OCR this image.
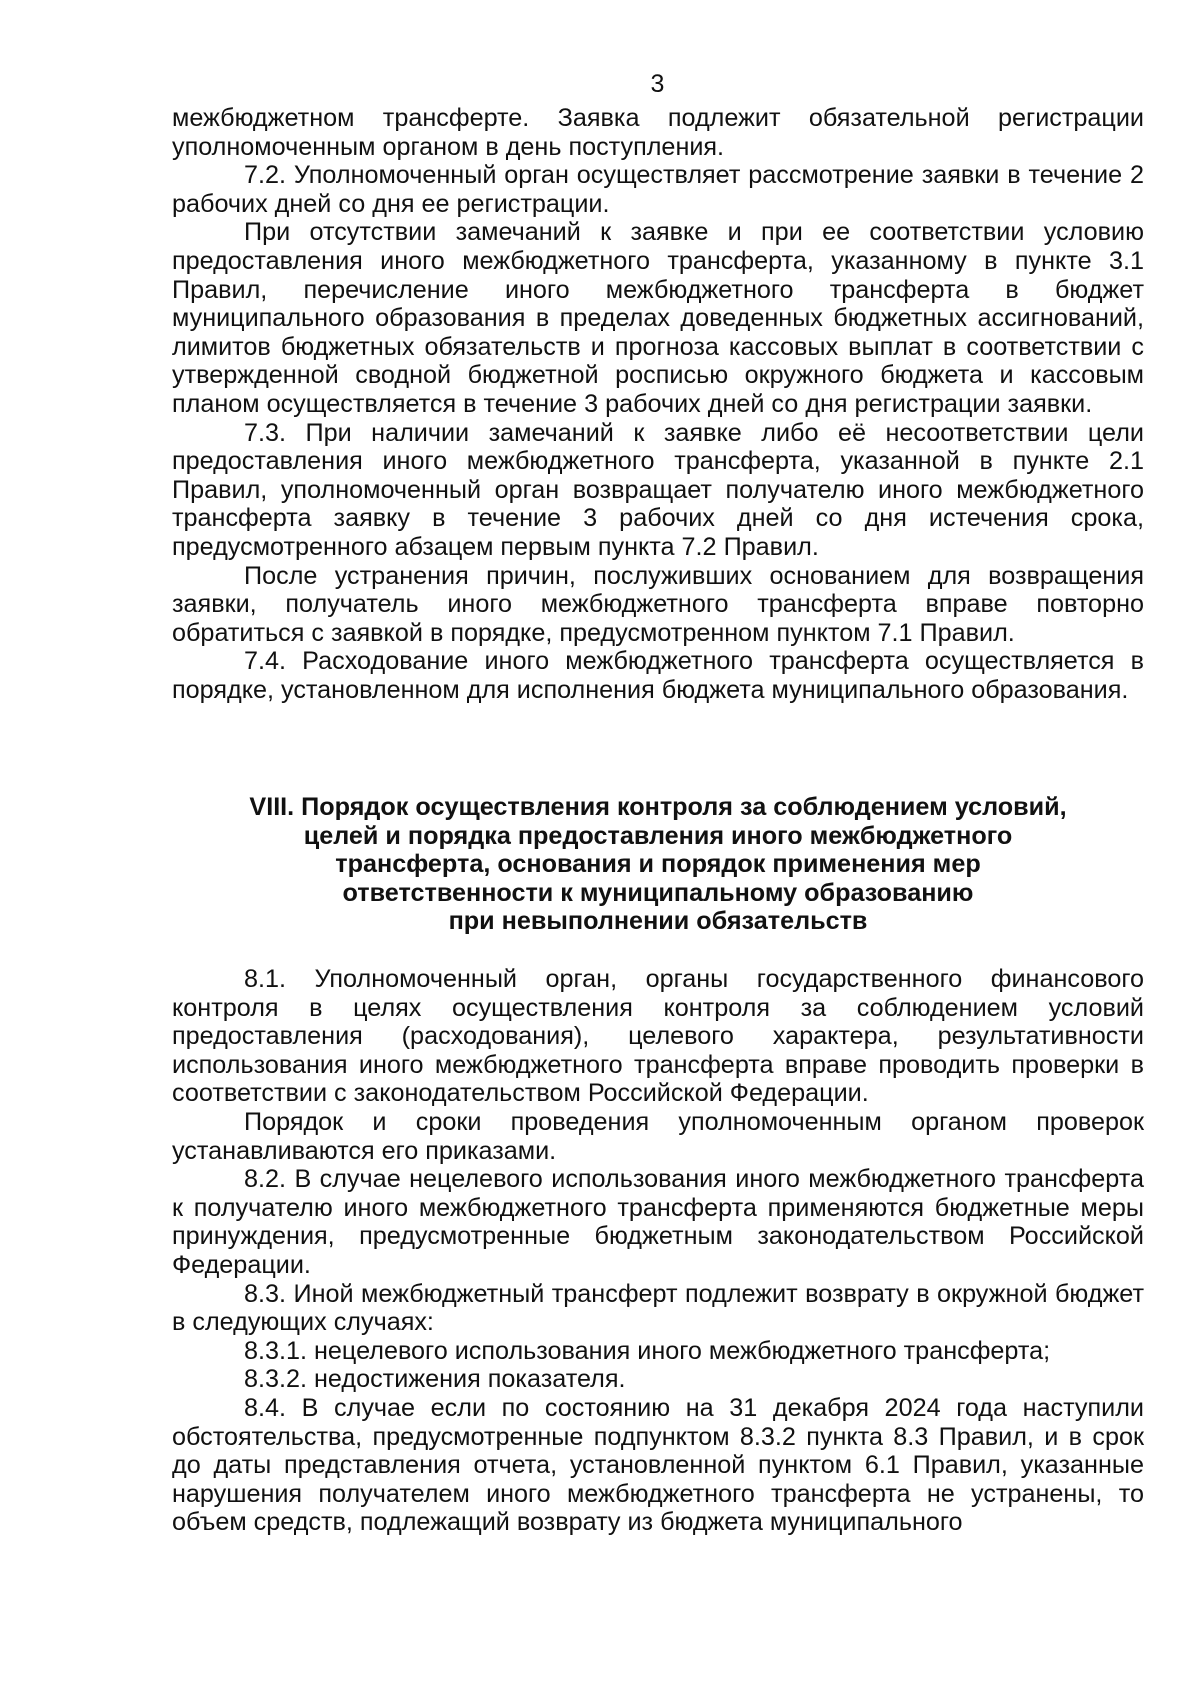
3

межбюджетном трансферте. Заявка подлежит обязательной регистрации уполномоченным органом в день поступления.

7.2. Уполномоченный орган осуществляет рассмотрение заявки в течение 2 рабочих дней со дня ее регистрации.

При отсутствии замечаний к заявке и при ее соответствии условию предоставления иного межбюджетного трансферта, указанному в пункте 3.1 Правил, перечисление иного межбюджетного трансферта в бюджет муниципального образования в пределах доведенных бюджетных ассигнований, лимитов бюджетных обязательств и прогноза кассовых выплат в соответствии с утвержденной сводной бюджетной росписью окружного бюджета и кассовым планом осуществляется в течение 3 рабочих дней со дня регистрации заявки.

7.3. При наличии замечаний к заявке либо её несоответствии цели предоставления иного межбюджетного трансферта, указанной в пункте 2.1 Правил, уполномоченный орган возвращает получателю иного межбюджетного трансферта заявку в течение 3 рабочих дней со дня истечения срока, предусмотренного абзацем первым пункта 7.2 Правил.

После устранения причин, послуживших основанием для возвращения заявки, получатель иного межбюджетного трансферта вправе повторно обратиться с заявкой в порядке, предусмотренном пунктом 7.1 Правил.

7.4. Расходование иного межбюджетного трансферта осуществляется в порядке, установленном для исполнения бюджета муниципального образования.

VIII. Порядок осуществления контроля за соблюдением условий,
целей и порядка предоставления иного межбюджетного
трансферта, основания и порядок применения мер
ответственности к муниципальному образованию
при невыполнении обязательств

8.1. Уполномоченный орган, органы государственного финансового контроля в целях осуществления контроля за соблюдением условий предоставления (расходования), целевого характера, результативности использования иного межбюджетного трансферта вправе проводить проверки в соответствии с законодательством Российской Федерации.

Порядок и сроки проведения уполномоченным органом проверок устанавливаются его приказами.

8.2. В случае нецелевого использования иного межбюджетного трансферта к получателю иного межбюджетного трансферта применяются бюджетные меры принуждения, предусмотренные бюджетным законодательством Российской Федерации.

8.3. Иной межбюджетный трансферт подлежит возврату в окружной бюджет в следующих случаях:

8.3.1. нецелевого использования иного межбюджетного трансферта;

8.3.2. недостижения показателя.

8.4. В случае если по состоянию на 31 декабря 2024 года наступили обстоятельства, предусмотренные подпунктом 8.3.2 пункта 8.3 Правил, и в срок до даты представления отчета, установленной пунктом 6.1 Правил, указанные нарушения получателем иного межбюджетного трансферта не устранены, то объем средств, подлежащий возврату из бюджета муниципального
